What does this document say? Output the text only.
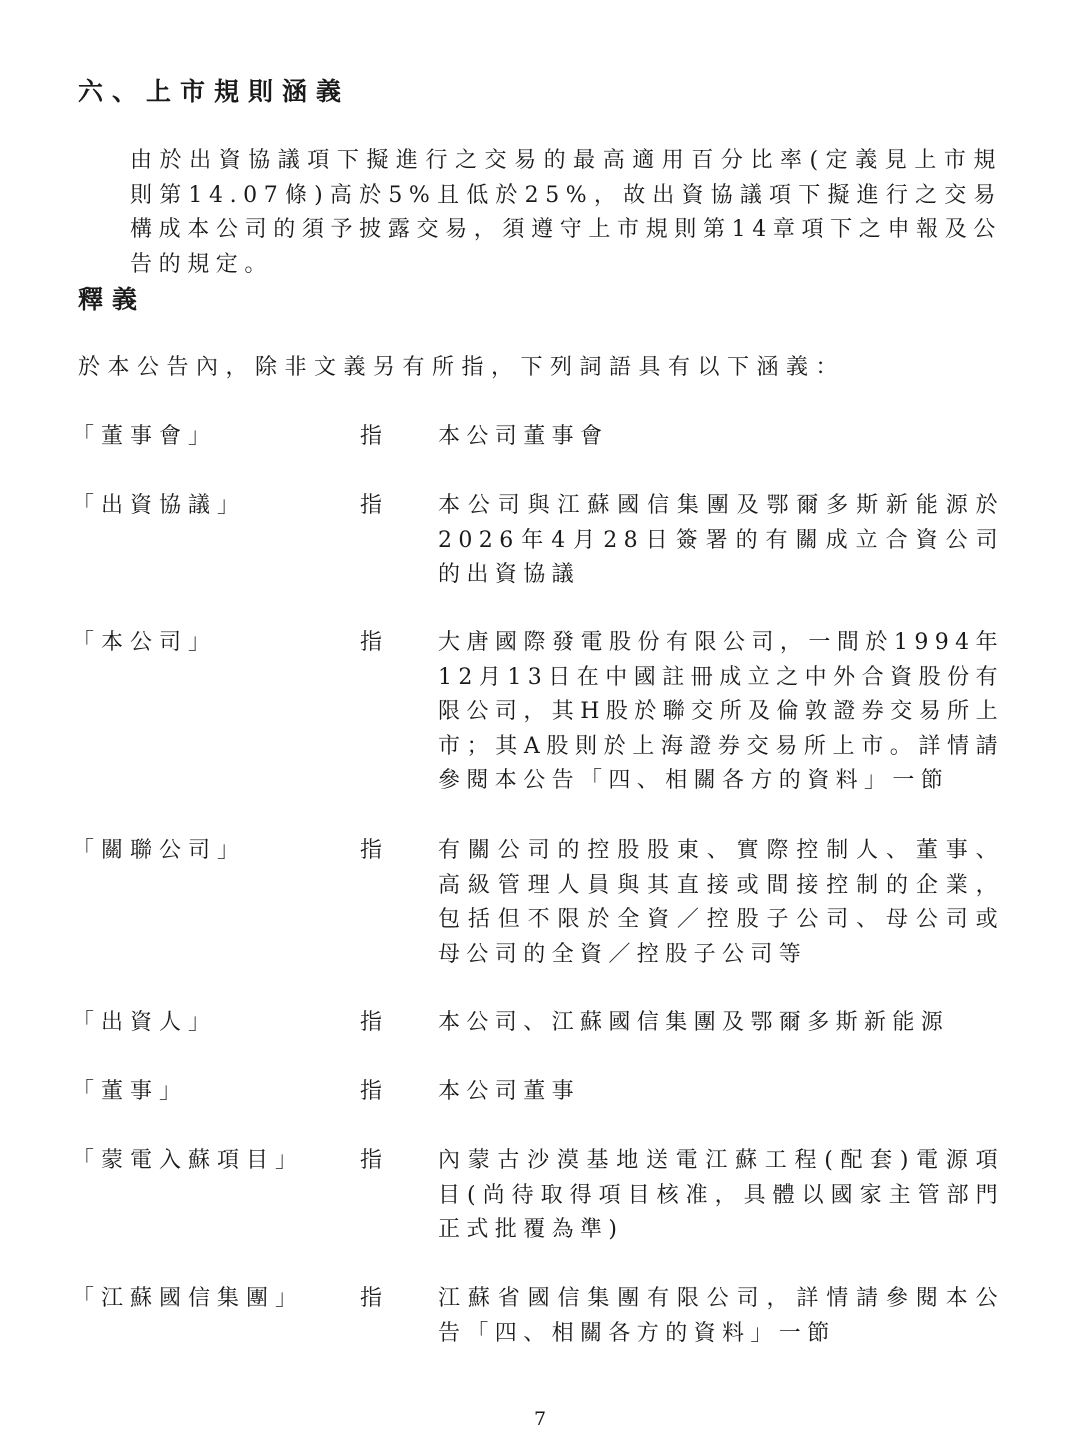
六、上市規則涵義

由於出資協議項下擬進行之交易的最高適用百分比率(定義見上市規則第14.07條)高於5%且低於25%，故出資協議項下擬進行之交易構成本公司的須予披露交易，須遵守上市規則第14章項下之申報及公告的規定。

釋義

於本公告內，除非文義另有所指，下列詞語具有以下涵義：

「董事會」	指	本公司董事會
「出資協議」	指	本公司與江蘇國信集團及鄂爾多斯新能源於2026年4月28日簽署的有關成立合資公司的出資協議
「本公司」	指	大唐國際發電股份有限公司，一間於1994年12月13日在中國註冊成立之中外合資股份有限公司，其H股於聯交所及倫敦證券交易所上市；其A股則於上海證券交易所上市。詳情請參閱本公告「四、相關各方的資料」一節
「關聯公司」	指	有關公司的控股股東、實際控制人、董事、高級管理人員與其直接或間接控制的企業，包括但不限於全資／控股子公司、母公司或母公司的全資／控股子公司等
「出資人」	指	本公司、江蘇國信集團及鄂爾多斯新能源
「董事」	指	本公司董事
「蒙電入蘇項目」	指	內蒙古沙漠基地送電江蘇工程(配套)電源項目(尚待取得項目核准，具體以國家主管部門正式批覆為準)
「江蘇國信集團」	指	江蘇省國信集團有限公司，詳情請參閱本公告「四、相關各方的資料」一節
7
